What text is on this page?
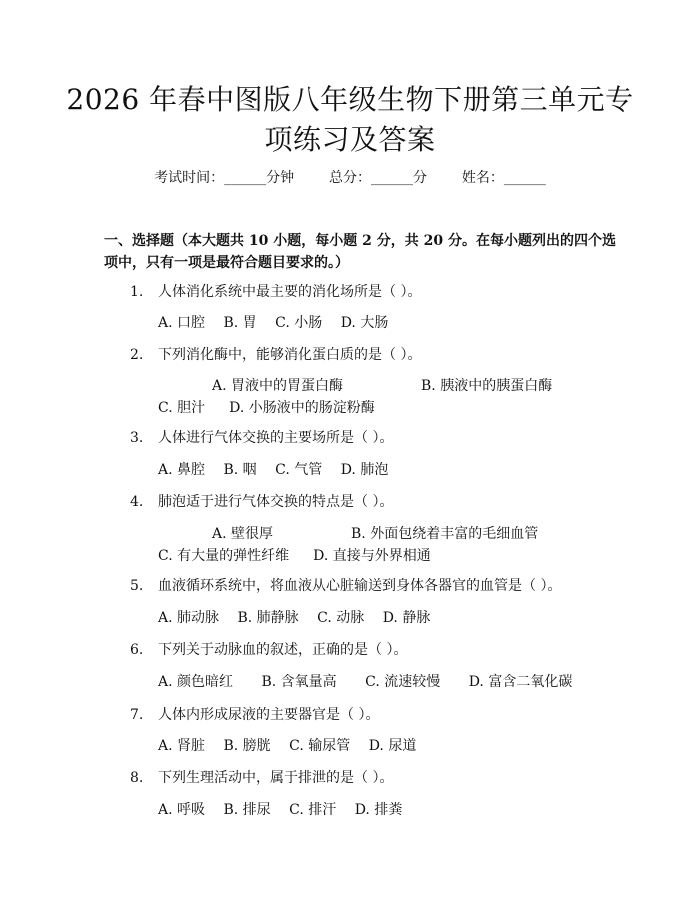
2026 年春中图版八年级生物下册第三单元专项练习及答案
考试时间：______分钟 总分：______分 姓名：______
一、选择题（本大题共 10 小题，每小题 2 分，共 20 分。在每小题列出的四个选项中，只有一项是最符合题目要求的。）
1. 人体消化系统中最主要的消化场所是（ ）。
A. 口腔 B. 胃 C. 小肠 D. 大肠
2. 下列消化酶中，能够消化蛋白质的是（ ）。
A. 胃液中的胃蛋白酶	B. 胰液中的胰蛋白酶C. 胆汁 D. 小肠液中的肠淀粉酶
3. 人体进行气体交换的主要场所是（ ）。
A. 鼻腔 B. 咽 C. 气管 D. 肺泡
4. 肺泡适于进行气体交换的特点是（ ）。
A. 壁很厚	B. 外面包绕着丰富的毛细血管C. 有大量的弹性纤维 D. 直接与外界相通
5. 血液循环系统中，将血液从心脏输送到身体各器官的血管是（ ）。
A. 肺动脉 B. 肺静脉 C. 动脉 D. 静脉
6. 下列关于动脉血的叙述，正确的是（ ）。
A. 颜色暗红 B. 含氧量高 C. 流速较慢 D. 富含二氧化碳
7. 人体内形成尿液的主要器官是（ ）。
A. 肾脏 B. 膀胱 C. 输尿管 D. 尿道
8. 下列生理活动中，属于排泄的是（ ）。
A. 呼吸 B. 排尿 C. 排汗 D. 排粪
